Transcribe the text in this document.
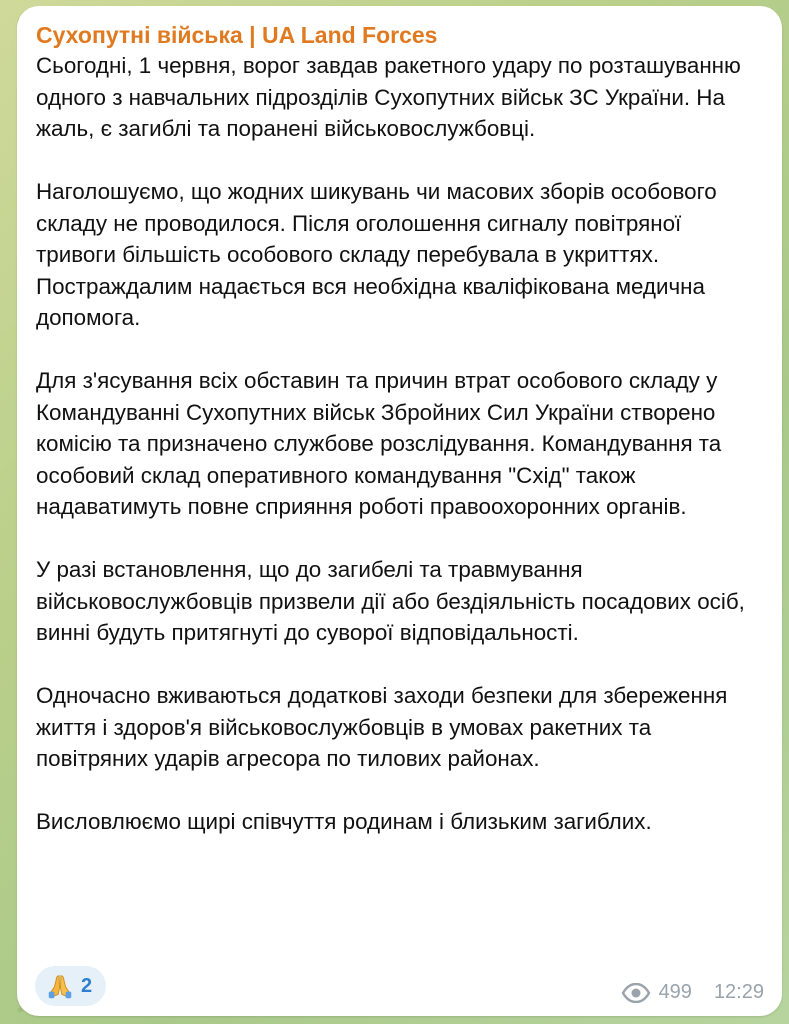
Сухопутні війська | UA Land Forces

Сьогодні, 1 червня, ворог завдав ракетного удару по розташуванню одного з навчальних підрозділів Сухопутних військ ЗС України. На жаль, є загиблі та поранені військовослужбовці.

Наголошуємо, що жодних шикувань чи масових зборів особового складу не проводилося. Після оголошення сигналу повітряної тривоги більшість особового складу перебувала в укриттях. Постраждалим надається вся необхідна кваліфікована медична допомога.

Для з'ясування всіх обставин та причин втрат особового складу у Командуванні Сухопутних військ Збройних Сил України створено комісію та призначено службове розслідування. Командування та особовий склад оперативного командування "Схід" також надаватимуть повне сприяння роботі правоохоронних органів.

У разі встановлення, що до загибелі та травмування військовослужбовців призвели дії або бездіяльність посадових осіб, винні будуть притягнуті до суворої відповідальності.

Одночасно вживаються додаткові заходи безпеки для збереження життя і здоров'я військовослужбовців в умовах ракетних та повітряних ударів агресора по тилових районах.

Висловлюємо щирі співчуття родинам і близьким загиблих.

2	499 12:29
